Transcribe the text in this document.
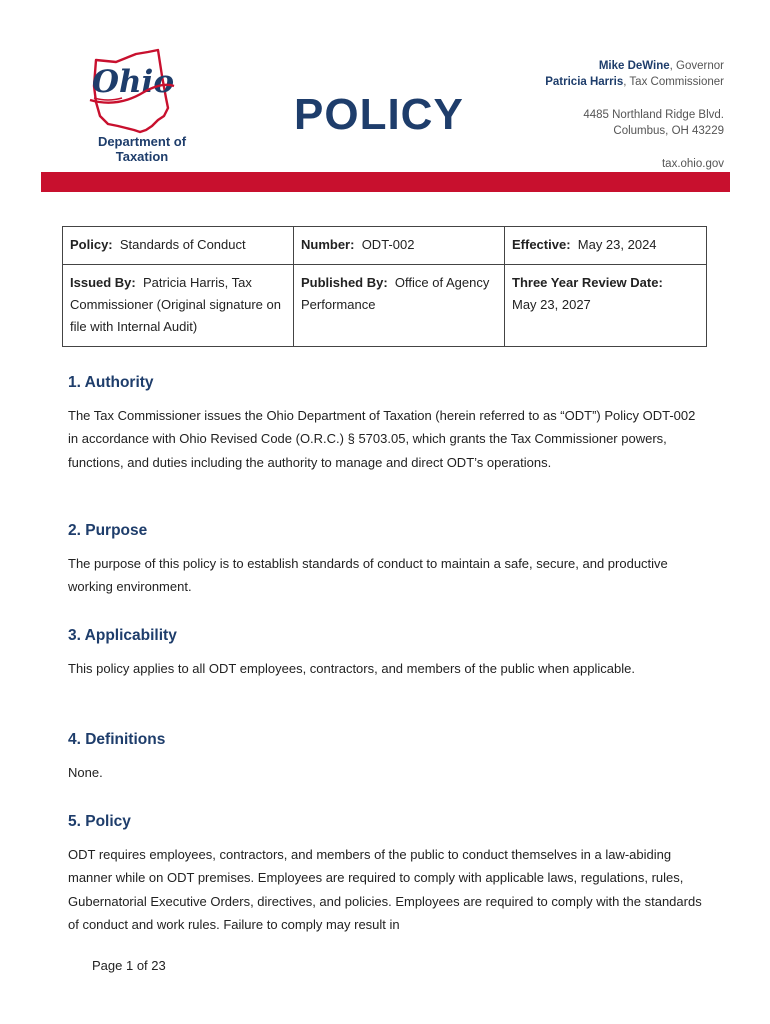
Ohio
Department of Taxation
POLICY
Mike DeWine, Governor
Patricia Harris, Tax Commissioner
4485 Northland Ridge Blvd.
Columbus, OH 43229
tax.ohio.gov
Policy: Standards of Conduct	Number: ODT-002	Effective: May 23, 2024
Issued By: Patricia Harris, Tax Commissioner (Original signature on file with Internal Audit)	Published By: Office of Agency Performance	Three Year Review Date:
May 23, 2027
1. Authority

The Tax Commissioner issues the Ohio Department of Taxation (herein referred to as “ODT”) Policy ODT-002 in accordance with Ohio Revised Code (O.R.C.) § 5703.05, which grants the Tax Commissioner powers, functions, and duties including the authority to manage and direct ODT’s operations.

2. Purpose

The purpose of this policy is to establish standards of conduct to maintain a safe, secure, and productive working environment.

3. Applicability

This policy applies to all ODT employees, contractors, and members of the public when applicable.

4. Definitions

None.

5. Policy

ODT requires employees, contractors, and members of the public to conduct themselves in a law-abiding manner while on ODT premises. Employees are required to comply with applicable laws, regulations, rules, Gubernatorial Executive Orders, directives, and policies. Employees are required to comply with the standards of conduct and work rules. Failure to comply may result in

Page 1 of 23
